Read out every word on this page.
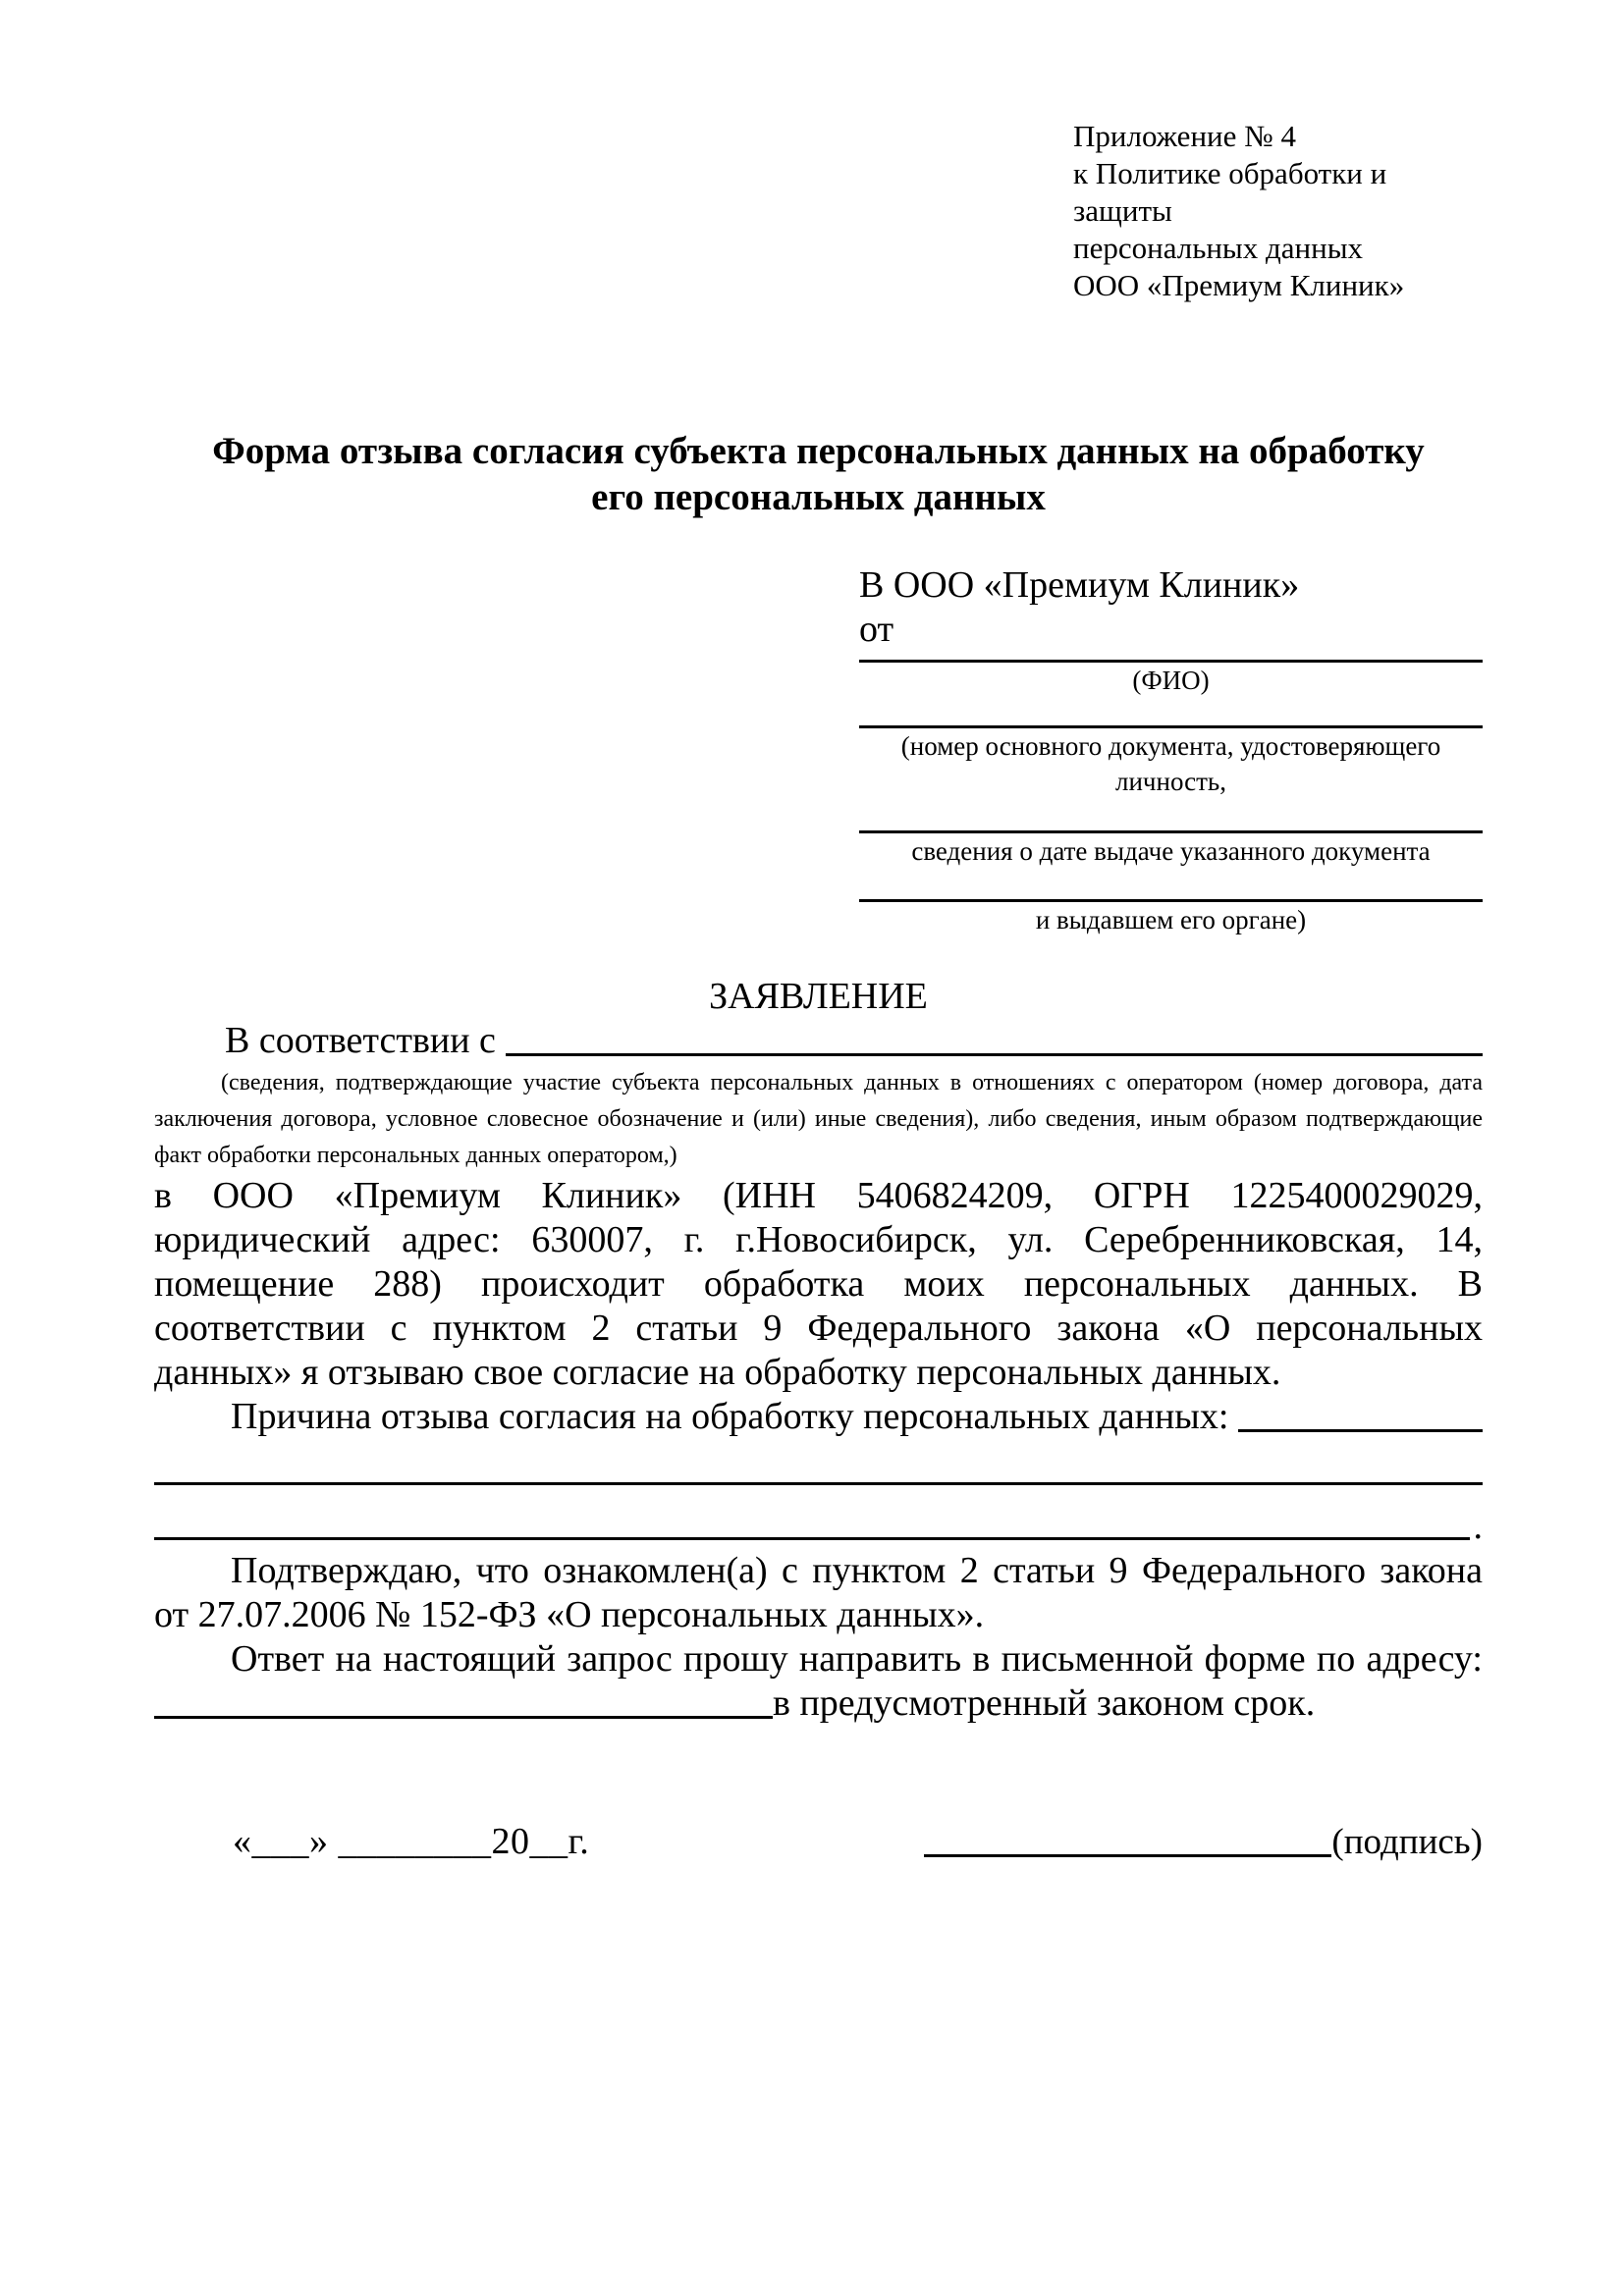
Приложение № 4
к Политике обработки и защиты
персональных данных
ООО «Премиум Клиник»
Форма отзыва согласия субъекта персональных данных на обработку
его персональных данных
В ООО «Премиум Клиник»
от
(ФИО)
(номер основного документа, удостоверяющего личность,
сведения о дате выдаче указанного документа
и выдавшем его органе)
ЗАЯВЛЕНИЕ
В соответствии с

(сведения, подтверждающие участие субъекта персональных данных в отношениях с оператором (номер договора, дата заключения договора, условное словесное обозначение и (или) иные сведения), либо сведения, иным образом подтверждающие факт обработки персональных данных оператором,)

в ООО «Премиум Клиник» (ИНН 5406824209, ОГРН 1225400029029, юридический адрес: 630007, г. г.Новосибирск, ул. Серебренниковская, 14, помещение 288) происходит обработка моих персональных данных. В соответствии с пунктом 2 статьи 9 Федерального закона «О персональных данных» я отзываю свое согласие на обработку персональных данных.

Причина отзыва согласия на обработку персональных данных:
.

Подтверждаю, что ознакомлен(а) с пунктом 2 статьи 9 Федерального закона от 27.07.2006 № 152-ФЗ «О персональных данных».

Ответ на настоящий запрос прошу направить в письменной форме по адресу:
в предусмотренный законом срок.
«___» ________20__г.	(подпись)
